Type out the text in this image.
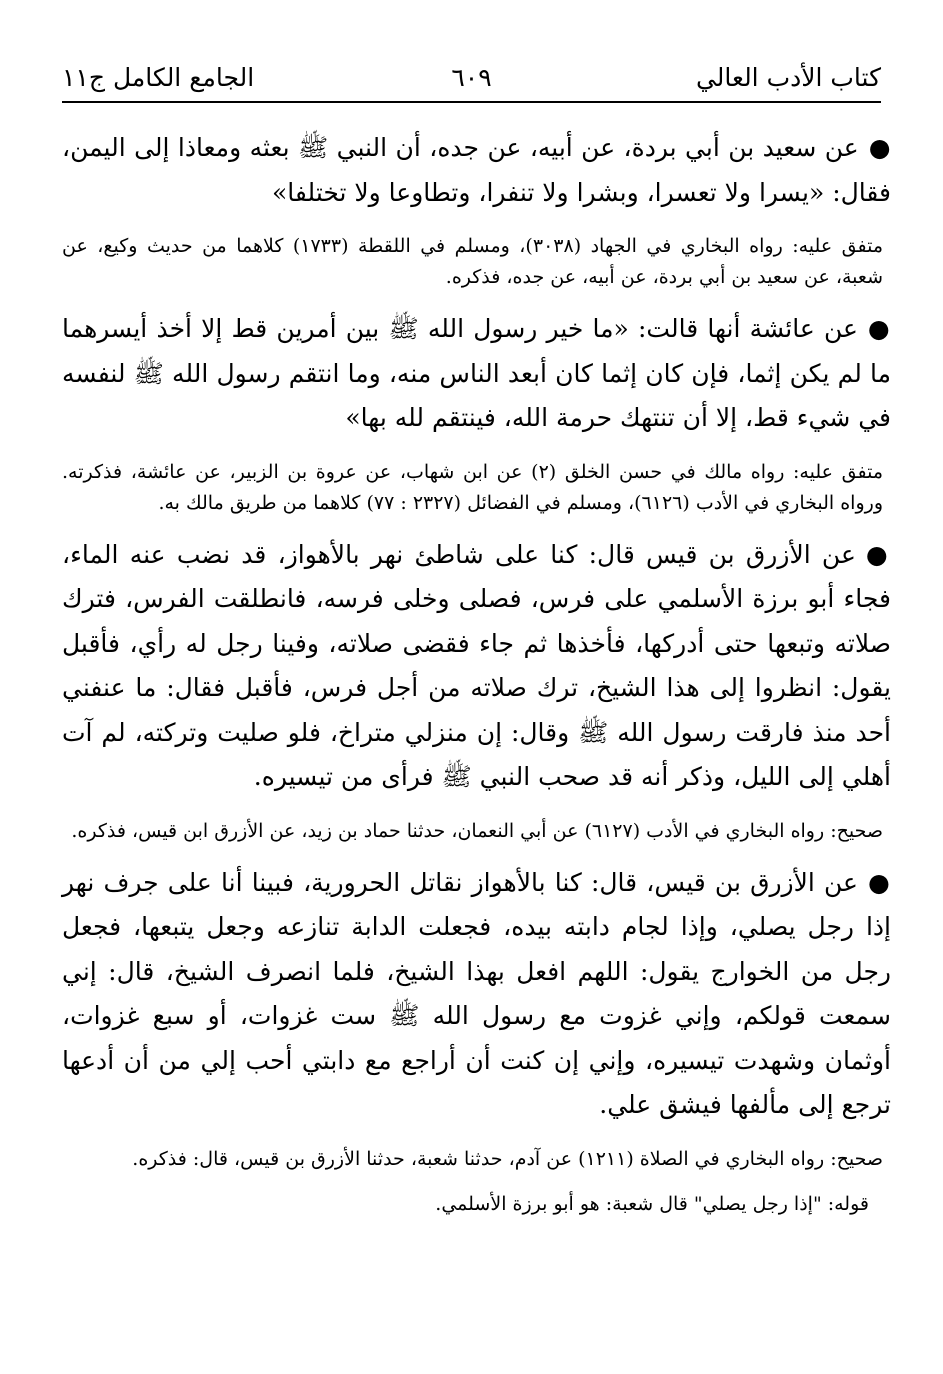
كتاب الأدب العالي
٦٠٩
الجامع الكامل ج١١

●عن سعيد بن أبي بردة، عن أبيه، عن جده، أن النبي ﷺ بعثه ومعاذا إلى اليمن، فقال: «يسرا ولا تعسرا، وبشرا ولا تنفرا، وتطاوعا ولا تختلفا»

متفق عليه: رواه البخاري في الجهاد (٣٠٣٨)، ومسلم في اللقطة (١٧٣٣) كلاهما من حديث وكيع، عن شعبة، عن سعيد بن أبي بردة، عن أبيه، عن جده، فذكره.

●عن عائشة أنها قالت: «ما خير رسول الله ﷺ بين أمرين قط إلا أخذ أيسرهما ما لم يكن إثما، فإن كان إثما كان أبعد الناس منه، وما انتقم رسول الله ﷺ لنفسه في شيء قط، إلا أن تنتهك حرمة الله، فينتقم لله بها»

متفق عليه: رواه مالك في حسن الخلق (٢) عن ابن شهاب، عن عروة بن الزبير، عن عائشة، فذكرته. ورواه البخاري في الأدب (٦١٢٦)، ومسلم في الفضائل (٢٣٢٧ : ٧٧) كلاهما من طريق مالك به.

●عن الأزرق بن قيس قال: كنا على شاطئ نهر بالأهواز، قد نضب عنه الماء، فجاء أبو برزة الأسلمي على فرس، فصلى وخلى فرسه، فانطلقت الفرس، فترك صلاته وتبعها حتى أدركها، فأخذها ثم جاء فقضى صلاته، وفينا رجل له رأي، فأقبل يقول: انظروا إلى هذا الشيخ، ترك صلاته من أجل فرس، فأقبل فقال: ما عنفني أحد منذ فارقت رسول الله ﷺ وقال: إن منزلي متراخ، فلو صليت وتركته، لم آت أهلي إلى الليل، وذكر أنه قد صحب النبي ﷺ فرأى من تيسيره.

صحيح: رواه البخاري في الأدب (٦١٢٧) عن أبي النعمان، حدثنا حماد بن زيد، عن الأزرق ابن قيس، فذكره.

●عن الأزرق بن قيس، قال: كنا بالأهواز نقاتل الحرورية، فبينا أنا على جرف نهر إذا رجل يصلي، وإذا لجام دابته بيده، فجعلت الدابة تنازعه وجعل يتبعها، فجعل رجل من الخوارج يقول: اللهم افعل بهذا الشيخ، فلما انصرف الشيخ، قال: إني سمعت قولكم، وإني غزوت مع رسول الله ﷺ ست غزوات، أو سبع غزوات، أوثمان وشهدت تيسيره، وإني إن كنت أن أراجع مع دابتي أحب إلي من أن أدعها ترجع إلى مألفها فيشق علي.

صحيح: رواه البخاري في الصلاة (١٢١١) عن آدم، حدثنا شعبة، حدثنا الأزرق بن قيس، قال: فذكره.

قوله: "إذا رجل يصلي" قال شعبة: هو أبو برزة الأسلمي.
